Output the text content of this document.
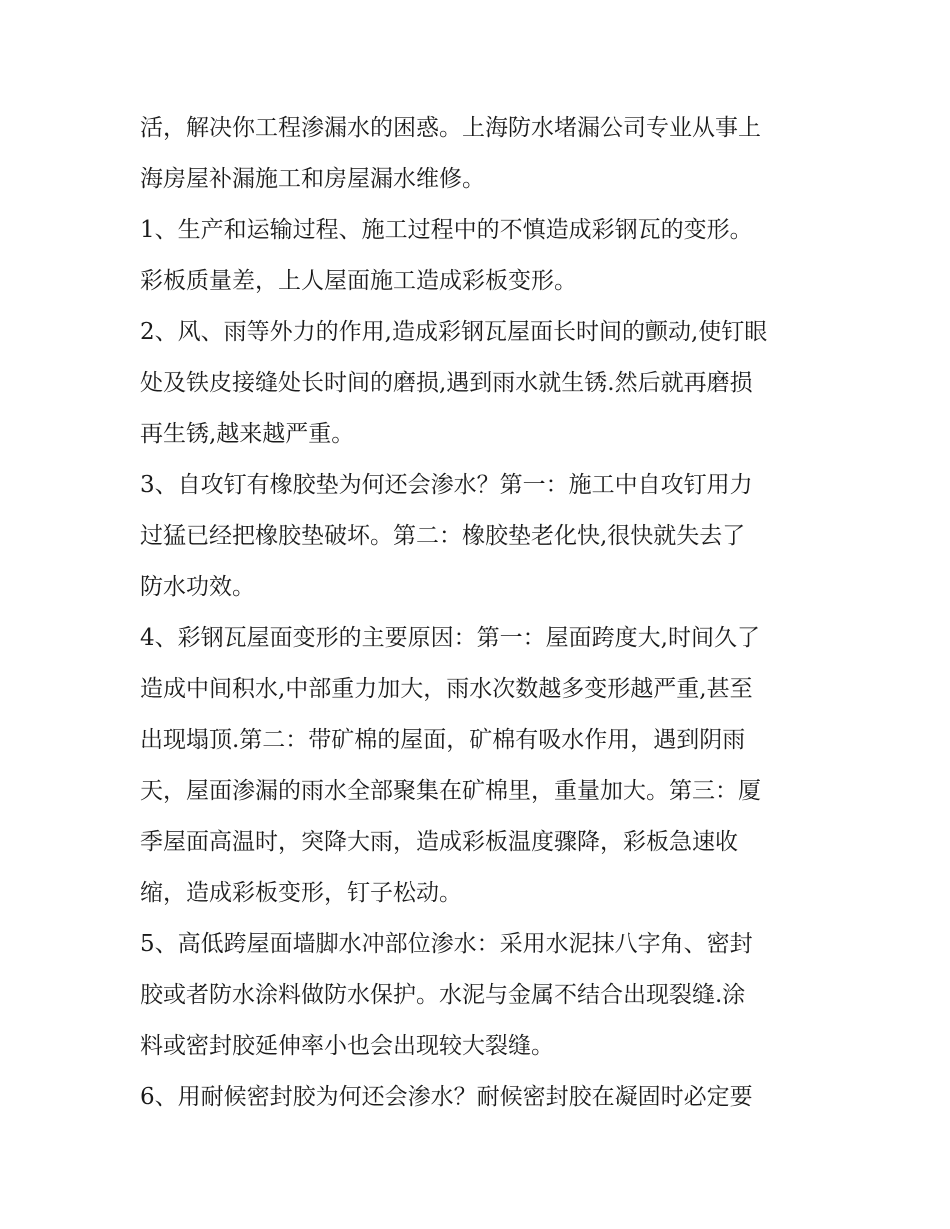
活，解决你工程渗漏水的困惑。上海防水堵漏公司专业从事上
海房屋补漏施工和房屋漏水维修。

1、生产和运输过程、施工过程中的不慎造成彩钢瓦的变形。
彩板质量差，上人屋面施工造成彩板变形。

2、风、雨等外力的作用,造成彩钢瓦屋面长时间的颤动,使钉眼
处及铁皮接缝处长时间的磨损,遇到雨水就生锈.然后就再磨损
再生锈,越来越严重。

3、自攻钉有橡胶垫为何还会渗水？第一：施工中自攻钉用力
过猛已经把橡胶垫破坏。第二：橡胶垫老化快,很快就失去了
防水功效。

4、彩钢瓦屋面变形的主要原因：第一：屋面跨度大,时间久了
造成中间积水,中部重力加大，雨水次数越多变形越严重,甚至
出现塌顶.第二：带矿棉的屋面，矿棉有吸水作用，遇到阴雨
天，屋面渗漏的雨水全部聚集在矿棉里，重量加大。第三：厦
季屋面高温时，突降大雨，造成彩板温度骤降，彩板急速收
缩，造成彩板变形，钉子松动。

5、高低跨屋面墙脚水冲部位渗水：采用水泥抹八字角、密封
胶或者防水涂料做防水保护。水泥与金属不结合出现裂缝.涂
料或密封胶延伸率小也会出现较大裂缝。

6、用耐候密封胶为何还会渗水？耐候密封胶在凝固时必定要
